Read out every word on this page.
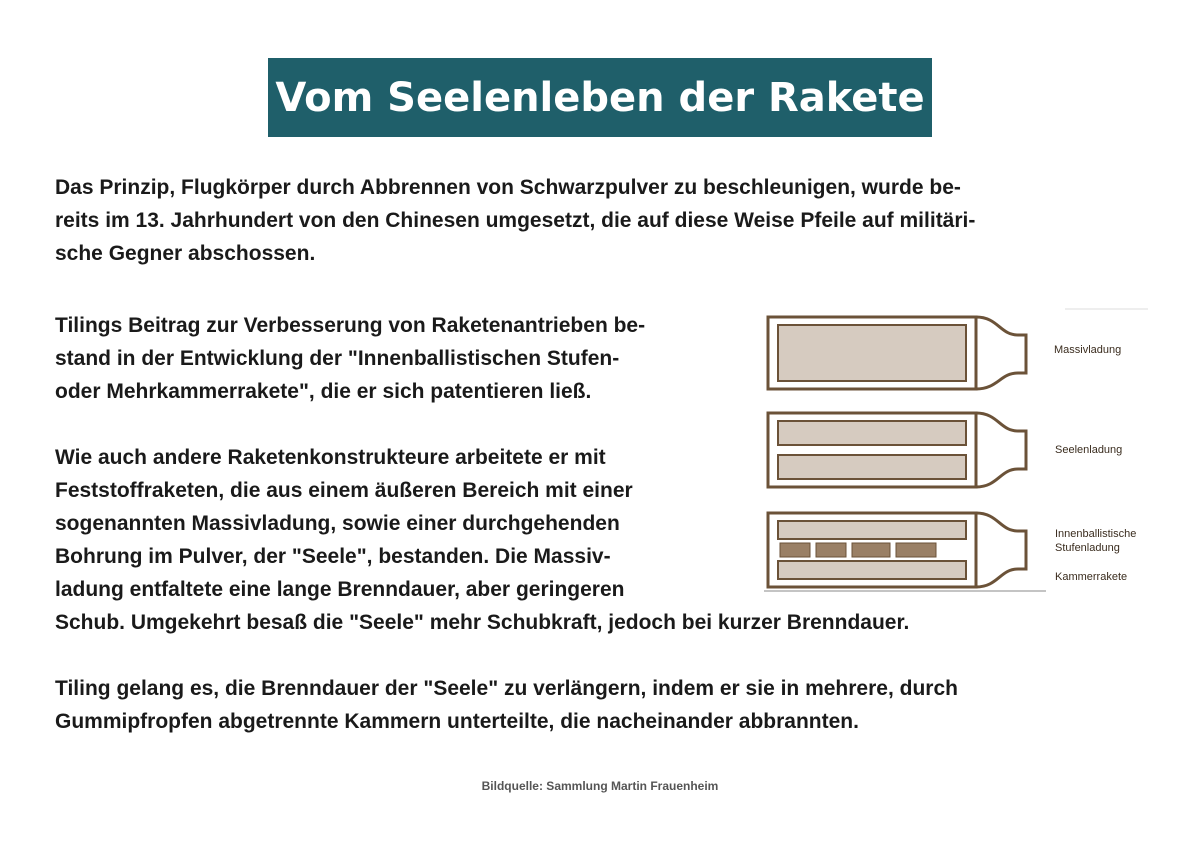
Vom Seelenleben der Rakete

Das Prinzip, Flugkörper durch Abbrennen von Schwarzpulver zu beschleunigen, wurde be-
reits im 13. Jahrhundert von den Chinesen umgesetzt, die auf diese Weise Pfeile auf militäri-
sche Gegner abschossen.

Tilings Beitrag zur Verbesserung von Raketenantrieben be-
stand in der Entwicklung der "Innenballistischen Stufen-
oder Mehrkammerrakete", die er sich patentieren ließ.

Wie auch andere Raketenkonstrukteure arbeitete er mit
Feststoffraketen, die aus einem äußeren Bereich mit einer
sogenannten Massivladung, sowie einer durchgehenden
Bohrung im Pulver, der "Seele", bestanden. Die Massiv-
ladung entfaltete eine lange Brenndauer, aber geringeren
Schub. Umgekehrt besaß die "Seele" mehr Schubkraft, jedoch bei kurzer Brenndauer.

Tiling gelang es, die Brenndauer der "Seele" zu verlängern, indem er sie in mehrere, durch
Gummipfropfen abgetrennte Kammern unterteilte, die nacheinander abbrannten.

Massivladung
Seelenladung
Innenballistische
Stufenladung
Kammerrakete
Bildquelle: Sammlung Martin Frauenheim
